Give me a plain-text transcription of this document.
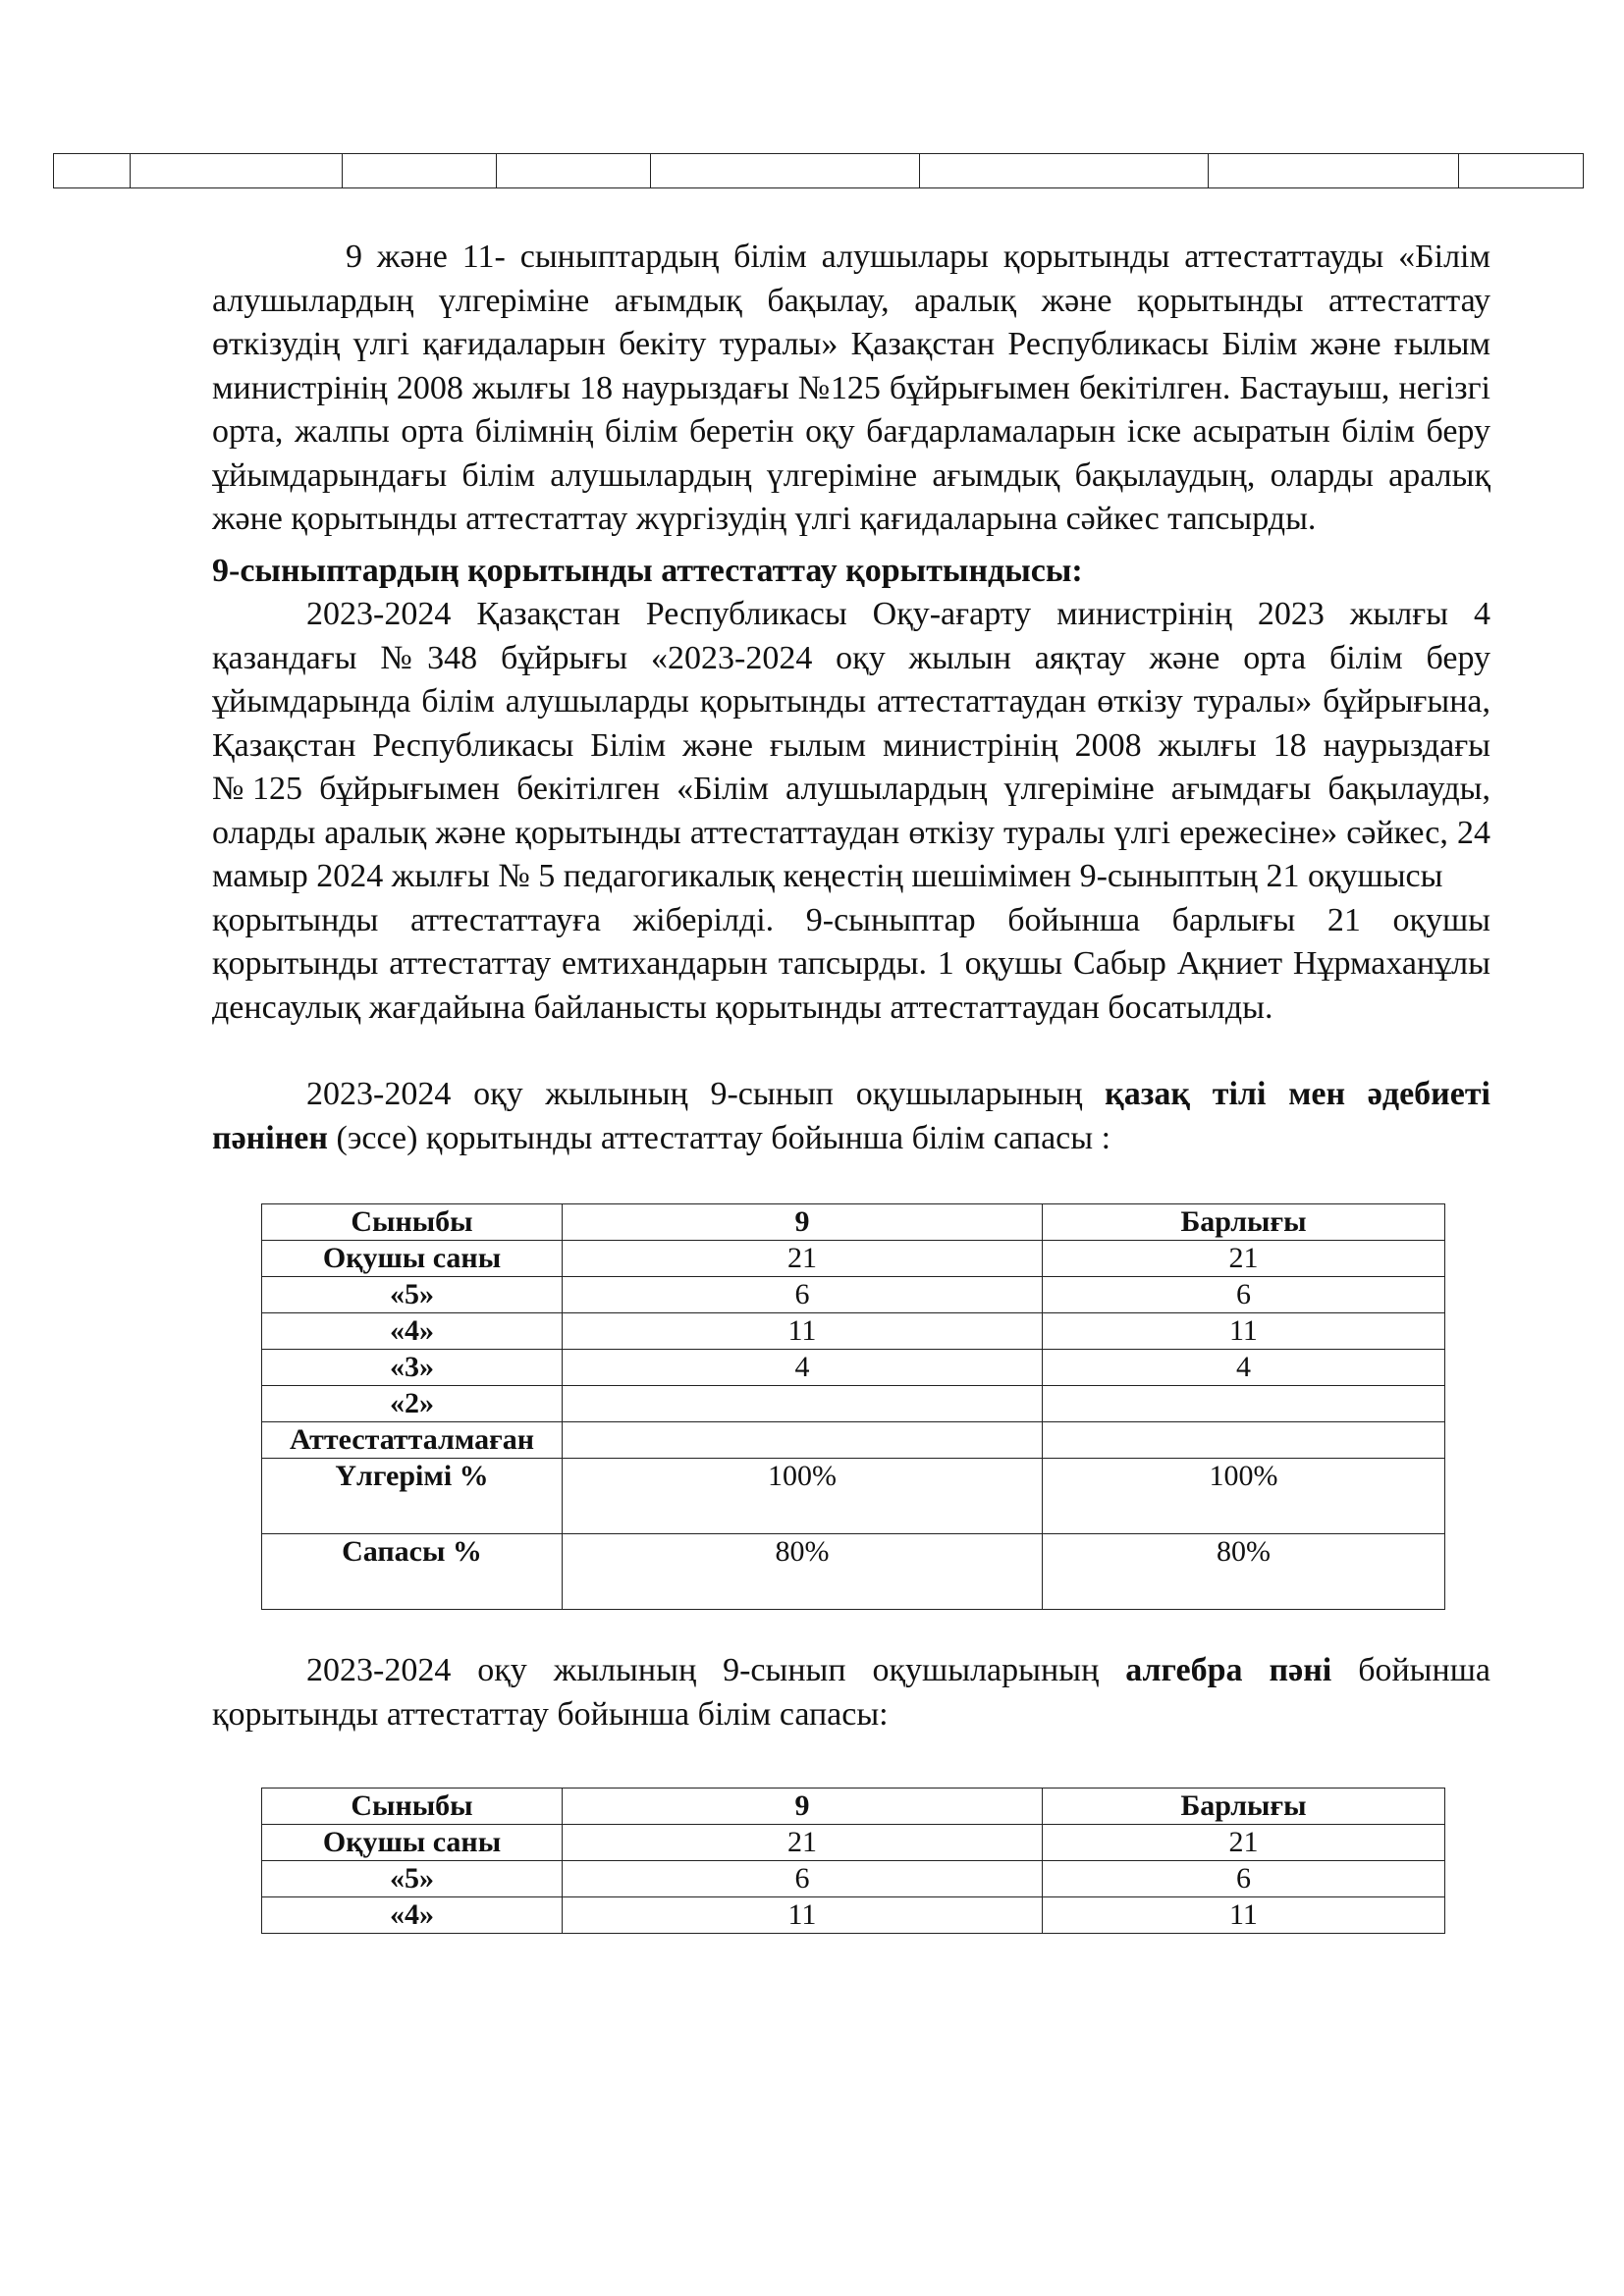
9 және 11- сыныптардың білім алушылары қорытынды аттестаттауды «Білім алушылардың үлгеріміне ағымдық бақылау, аралық және қорытынды аттестаттау өткізудің үлгі қағидаларын бекіту туралы» Қазақстан Республикасы Білім және ғылым министрінің 2008 жылғы 18 наурыздағы №125 бұйрығымен бекітілген. Бастауыш, негізгі орта, жалпы орта білімнің білім беретін оқу бағдарламаларын іске асыратын білім беру ұйымдарындағы білім алушылардың үлгеріміне ағымдық бақылаудың, оларды аралық және қорытынды аттестаттау жүргізудің үлгі қағидаларына сәйкес тапсырды.

9-сыныптардың қорытынды аттестаттау қорытындысы:

2023-2024 Қазақстан Республикасы Оқу-ағарту министрінің 2023 жылғы 4 қазандағы №348 бұйрығы «2023-2024 оқу жылын аяқтау және орта білім беру ұйымдарында білім алушыларды қорытынды аттестаттаудан өткізу туралы» бұйрығына, Қазақстан Республикасы Білім және ғылым министрінің 2008 жылғы 18 наурыздағы №125 бұйрығымен бекітілген «Білім алушылардың үлгеріміне ағымдағы бақылауды, оларды аралық және қорытынды аттестаттаудан өткізу туралы үлгі ережесіне» сәйкес, 24 мамыр 2024 жылғы № 5 педагогикалық кеңестің шешімімен 9-сыныптың 21 оқушысы

қорытынды аттестаттауға жіберілді. 9-сыныптар бойынша барлығы 21 оқушы қорытынды аттестаттау емтихандарын тапсырды. 1 оқушы Сабыр Ақниет Нұрмаханұлы денсаулық жағдайына байланысты қорытынды аттестаттаудан босатылды.

2023-2024 оқу жылының 9-сынып оқушыларының қазақ тілі мен әдебиеті пәнінен (эссе) қорытынды аттестаттау бойынша білім сапасы :

Сыныбы	9	Барлығы
Оқушы саны	21	21
«5»	6	6
«4»	11	11
«3»	4	4
«2»		
Аттестатталмаған		
Үлгерімі %	100%	100%
Сапасы %	80%	80%

2023-2024 оқу жылының 9-сынып оқушыларының алгебра пәні бойынша қорытынды аттестаттау бойынша білім сапасы:

Сыныбы	9	Барлығы
Оқушы саны	21	21
«5»	6	6
«4»	11	11
